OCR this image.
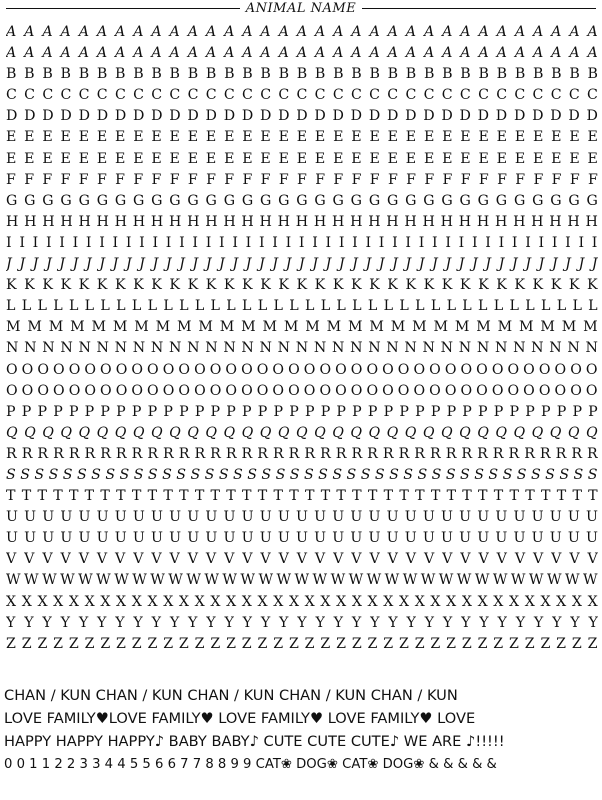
ANIMAL NAME
A A A A A A A A A A A A A A A A A A A A A A A A A A A A A A A A A
A A A A A A A A A A A A A A A A A A A A A A A A A A A A A A A A A
B B B B B B B B B B B B B B B B B B B B B B B B B B B B B B B B B
C C C C C C C C C C C C C C C C C C C C C C C C C C C C C C C C C
D D D D D D D D D D D D D D D D D D D D D D D D D D D D D D D D D
E E E E E E E E E E E E E E E E E E E E E E E E E E E E E E E E E
E E E E E E E E E E E E E E E E E E E E E E E E E E E E E E E E E
F F F F F F F F F F F F F F F F F F F F F F F F F F F F F F F F F
G G G G G G G G G G G G G G G G G G G G G G G G G G G G G G G G G
H H H H H H H H H H H H H H H H H H H H H H H H H H H H H H H H H
I I I I I I I I I I I I I I I I I I I I I I I I I I I I I I I I I I I I I I I I I I I I I
J J J J J J J J J J J J J J J J J J J J J J J J J J J J J J J J J J J J J J J J J J J J J
K K K K K K K K K K K K K K K K K K K K K K K K K K K K K K K K K
L L L L L L L L L L L L L L L L L L L L L L L L L L L L L L L L L L L L L L
M M M M M M M M M M M M M M M M M M M M M M M M M M M M
N N N N N N N N N N N N N N N N N N N N N N N N N N N N N N N N N
O O O O O O O O O O O O O O O O O O O O O O O O O O O O O O O O O O O O O O
O O O O O O O O O O O O O O O O O O O O O O O O O O O O O O O O O O O O O O
P P P P P P P P P P P P P P P P P P P P P P P P P P P P P P P P P P P P P P
Q Q Q Q Q Q Q Q Q Q Q Q Q Q Q Q Q Q Q Q Q Q Q Q Q Q Q Q Q Q Q Q Q
R R R R R R R R R R R R R R R R R R R R R R R R R R R R R R R R R R R R R R
S S S S S S S S S S S S S S S S S S S S S S S S S S S S S S S S S S S S S S S S S S
T T T T T T T T T T T T T T T T T T T T T T T T T T T T T T T T T T T T T T
U U U U U U U U U U U U U U U U U U U U U U U U U U U U U U U U U
U U U U U U U U U U U U U U U U U U U U U U U U U U U U U U U U U
V V V V V V V V V V V V V V V V V V V V V V V V V V V V V V V V V
W W W W W W W W W W W W W W W W W W W W W W W W W W W W W W W W W
X X X X X X X X X X X X X X X X X X X X X X X X X X X X X X X X X X X X X X
Y Y Y Y Y Y Y Y Y Y Y Y Y Y Y Y Y Y Y Y Y Y Y Y Y Y Y Y Y Y Y Y Y
Z Z Z Z Z Z Z Z Z Z Z Z Z Z Z Z Z Z Z Z Z Z Z Z Z Z Z Z Z Z Z Z Z Z Z Z Z Z
CHAN / KUN CHAN / KUN CHAN / KUN CHAN / KUN CHAN / KUN
LOVE FAMILY♥LOVE FAMILY♥ LOVE FAMILY♥ LOVE FAMILY♥ LOVE
HAPPY HAPPY HAPPY♪ BABY BABY♪ CUTE CUTE CUTE♪ WE ARE ♪!!!!!
0 0 1 1 2 2 3 3 4 4 5 5 6 6 7 7 8 8 9 9 CAT❀ DOG❀ CAT❀ DOG❀ & & & & &
